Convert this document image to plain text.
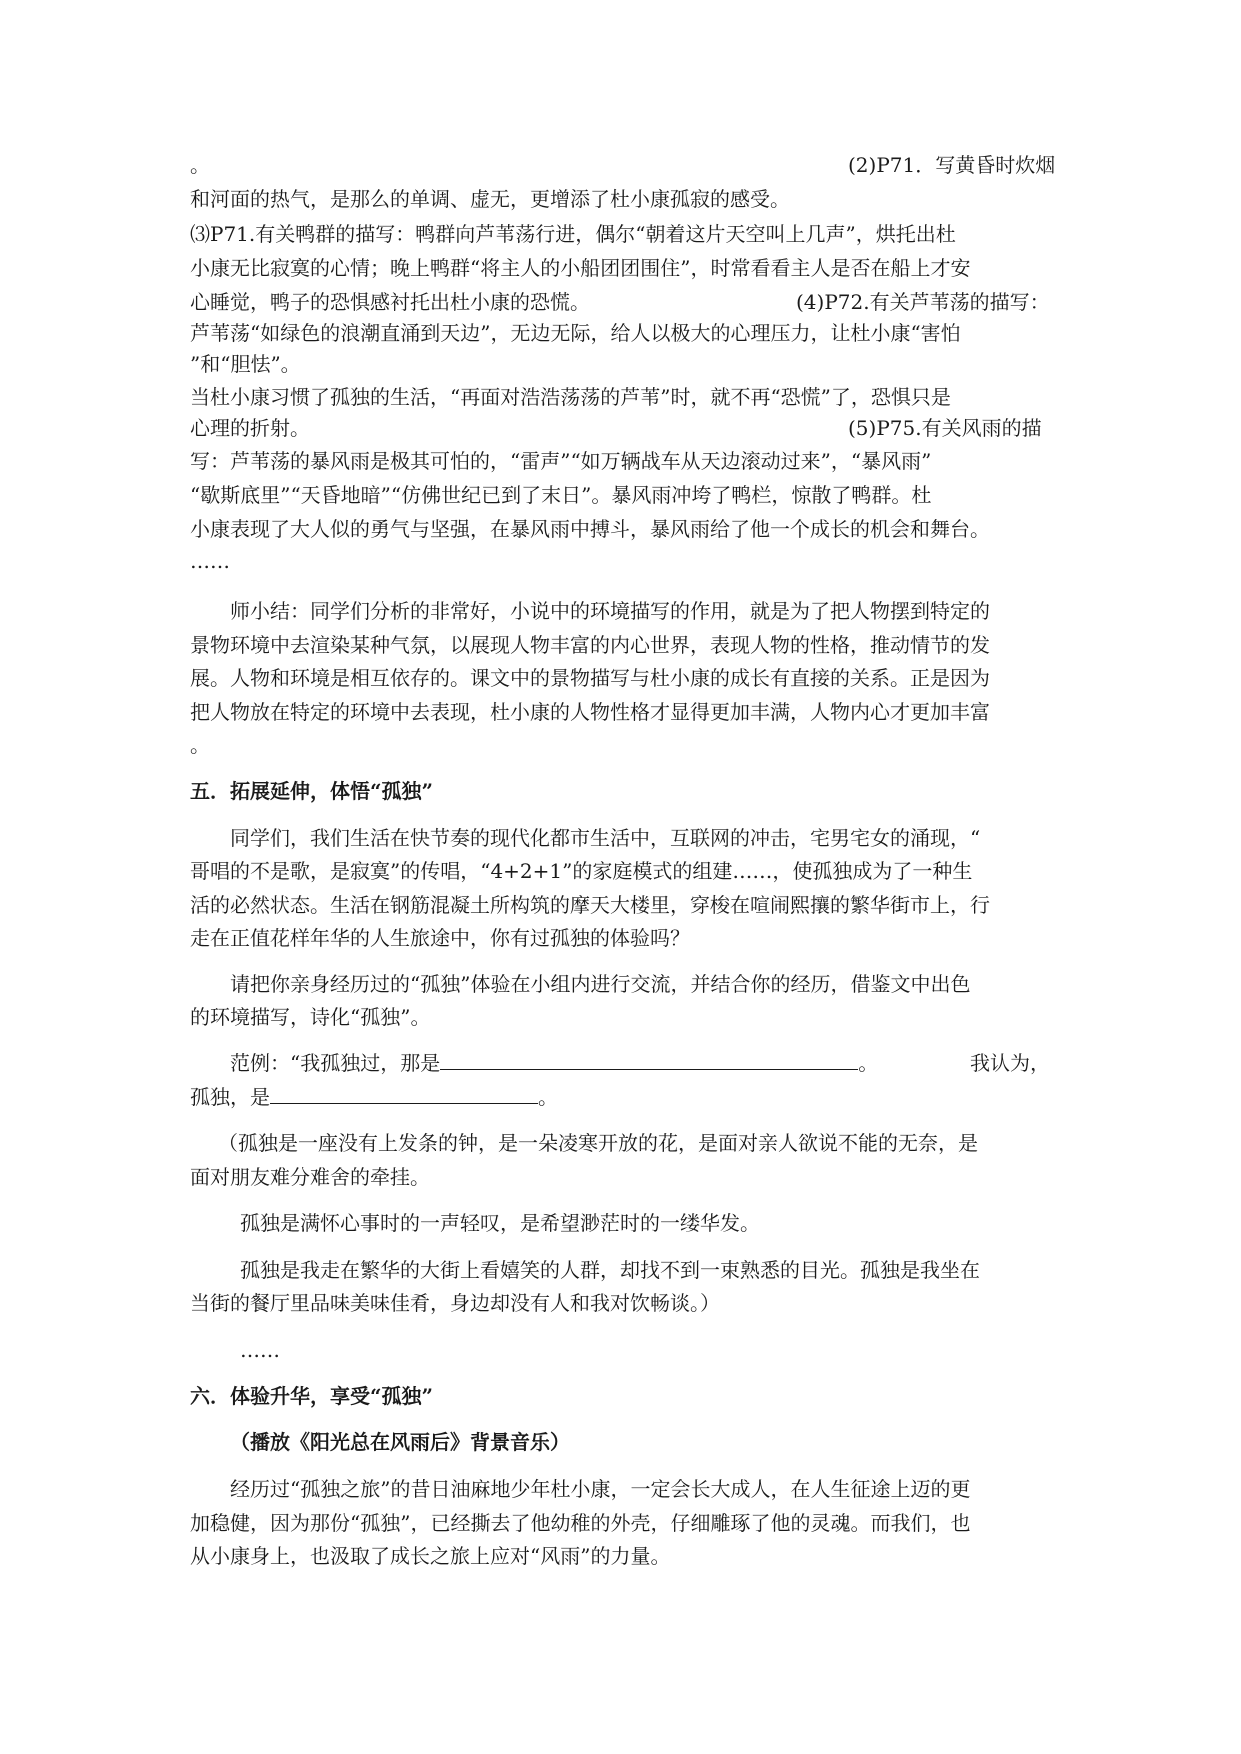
。	(2)P71．写黄昏时炊烟
和河面的热气，是那么的单调、虚无，更增添了杜小康孤寂的感受。
⑶P71.有关鸭群的描写：鸭群向芦苇荡行进，偶尔“朝着这片天空叫上几声”，烘托出杜
小康无比寂寞的心情；晚上鸭群“将主人的小船团团围住”，时常看看主人是否在船上才安
心睡觉，鸭子的恐惧感衬托出杜小康的恐慌。	(4)P72.有关芦苇荡的描写：
芦苇荡“如绿色的浪潮直涌到天边”，无边无际，给人以极大的心理压力，让杜小康“害怕
”和“胆怯”。
当杜小康习惯了孤独的生活，“再面对浩浩荡荡的芦苇”时，就不再“恐慌”了，恐惧只是
心理的折射。	(5)P75.有关风雨的描
写：芦苇荡的暴风雨是极其可怕的，“雷声”“如万辆战车从天边滚动过来”，“暴风雨”
“歇斯底里”“天昏地暗”“仿佛世纪已到了末日”。暴风雨冲垮了鸭栏，惊散了鸭群。杜
小康表现了大人似的勇气与坚强，在暴风雨中搏斗，暴风雨给了他一个成长的机会和舞台。
……
师小结：同学们分析的非常好，小说中的环境描写的作用，就是为了把人物摆到特定的
景物环境中去渲染某种气氛，以展现人物丰富的内心世界，表现人物的性格，推动情节的发
展。人物和环境是相互依存的。课文中的景物描写与杜小康的成长有直接的关系。正是因为
把人物放在特定的环境中去表现，杜小康的人物性格才显得更加丰满，人物内心才更加丰富
。
五．拓展延伸，体悟“孤独”
同学们，我们生活在快节奏的现代化都市生活中，互联网的冲击，宅男宅女的涌现，“
哥唱的不是歌，是寂寞”的传唱，“4+2+1”的家庭模式的组建……，使孤独成为了一种生
活的必然状态。生活在钢筋混凝土所构筑的摩天大楼里，穿梭在喧闹熙攘的繁华街市上，行
走在正值花样年华的人生旅途中，你有过孤独的体验吗？
请把你亲身经历过的“孤独”体验在小组内进行交流，并结合你的经历，借鉴文中出色
的环境描写，诗化“孤独”。
范例：“我孤独过，那是	。	我认为，
孤独，是	。
（孤独是一座没有上发条的钟，是一朵凌寒开放的花，是面对亲人欲说不能的无奈，是
面对朋友难分难舍的牵挂。
孤独是满怀心事时的一声轻叹，是希望渺茫时的一缕华发。
孤独是我走在繁华的大街上看嬉笑的人群，却找不到一束熟悉的目光。孤独是我坐在
当街的餐厅里品味美味佳肴，身边却没有人和我对饮畅谈。）
……
六．体验升华，享受“孤独”
（播放《阳光总在风雨后》背景音乐）
经历过“孤独之旅”的昔日油麻地少年杜小康，一定会长大成人，在人生征途上迈的更
加稳健，因为那份“孤独”，已经撕去了他幼稚的外壳，仔细雕琢了他的灵魂。而我们，也
从小康身上，也汲取了成长之旅上应对“风雨”的力量。
